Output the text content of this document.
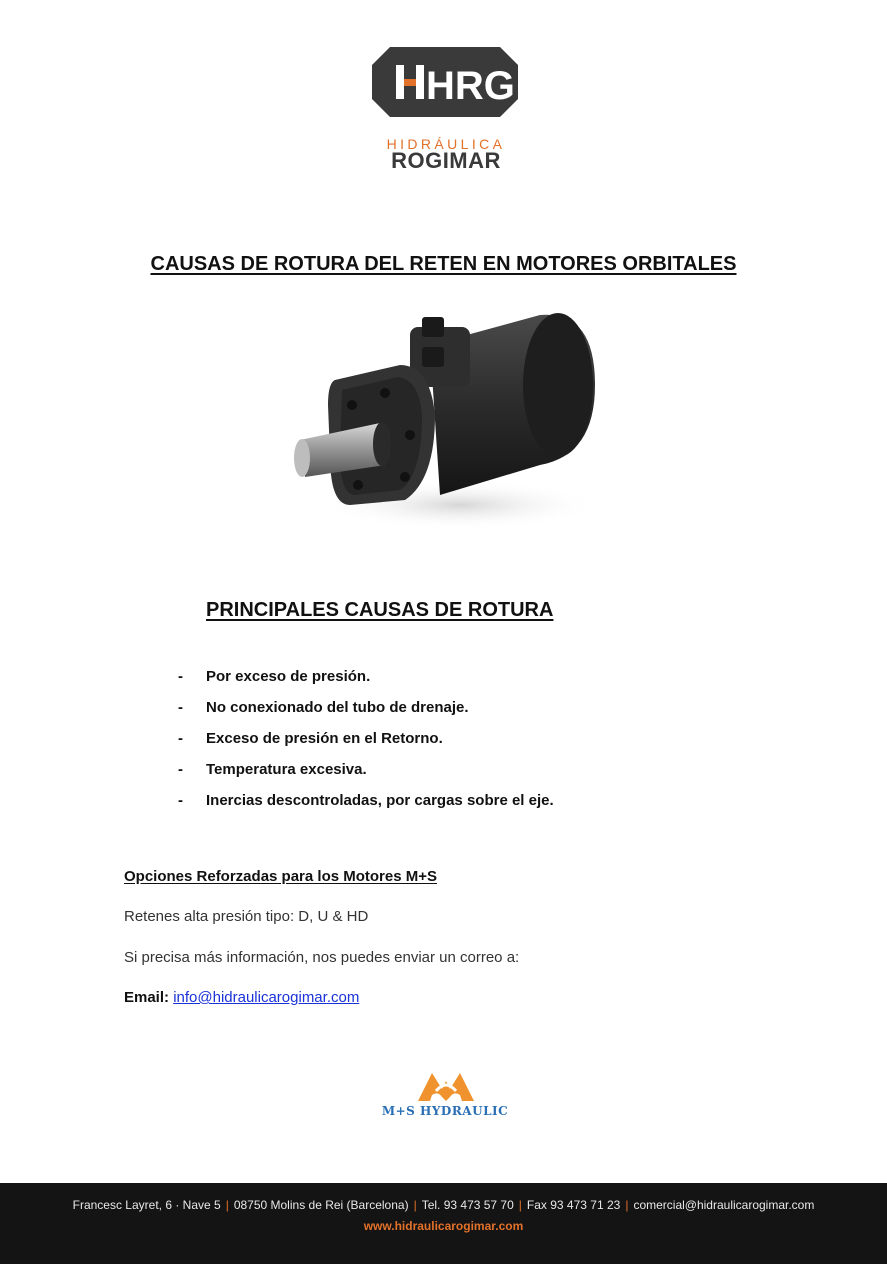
HRG
HIDRÁULICA
ROGIMAR
CAUSAS DE ROTURA DEL RETEN EN MOTORES ORBITALES
PRINCIPALES CAUSAS DE ROTURA
-	Por exceso de presión.
-	No conexionado del tubo de drenaje.
-	Exceso de presión en el Retorno.
-	Temperatura excesiva.
-	Inercias descontroladas, por cargas sobre el eje.
Opciones Reforzadas para los Motores M+S
Retenes alta presión tipo: D, U & HD
Si precisa más información, nos puedes enviar un correo a:
Email: info@hidraulicarogimar.com
M+S HYDRAULIC
Francesc Layret, 6 · Nave 5 | 08750 Molins de Rei (Barcelona) | Tel. 93 473 57 70 | Fax 93 473 71 23 | comercial@hidraulicarogimar.com
www.hidraulicarogimar.com
